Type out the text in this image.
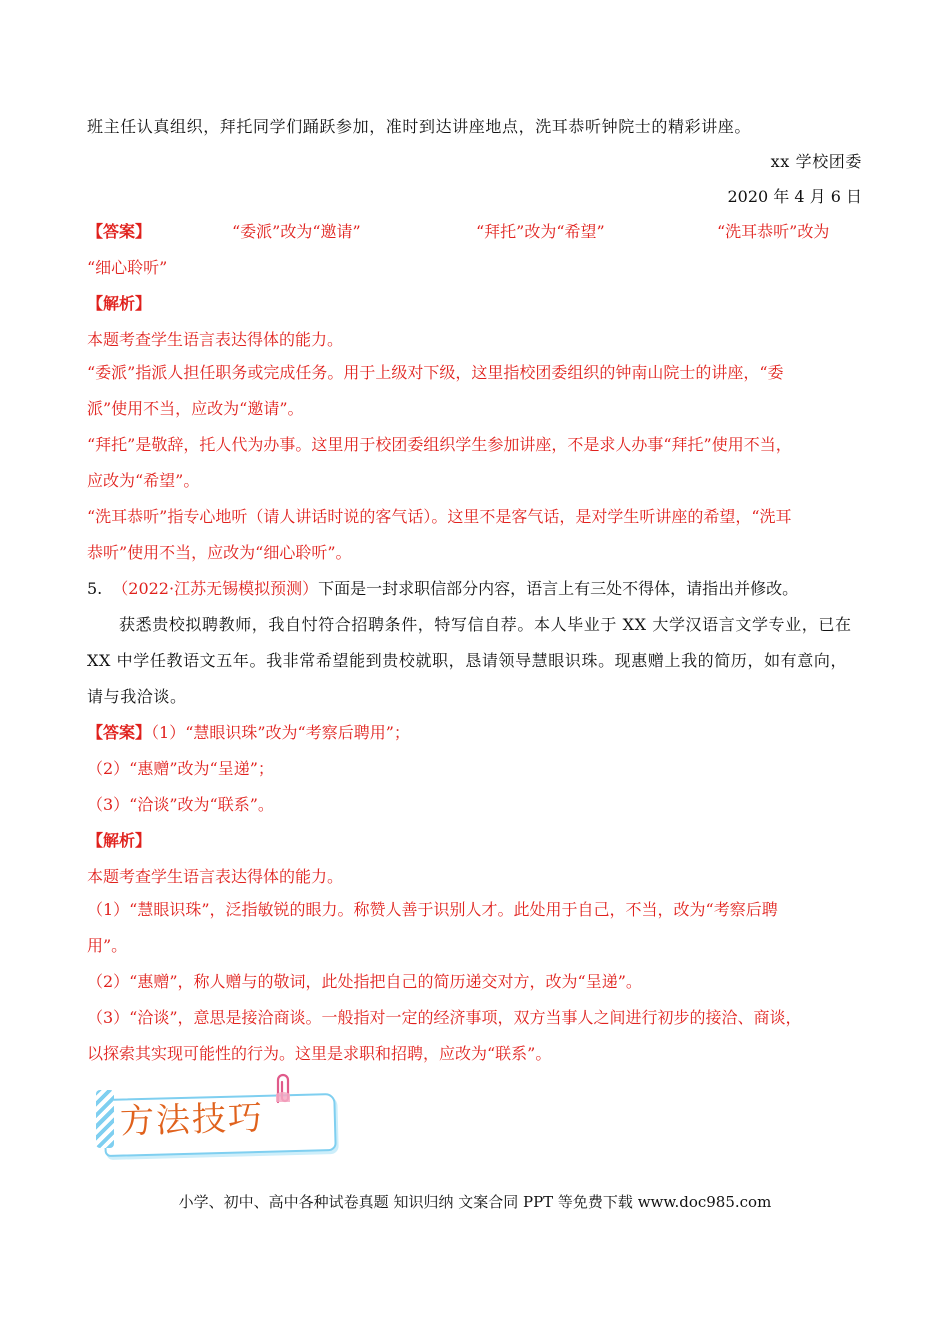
班主任认真组织，拜托同学们踊跃参加，准时到达讲座地点，洗耳恭听钟院士的精彩讲座。
xx 学校团委
2020 年 4 月 6 日
【答案】	“委派”改为“邀请”	“拜托”改为“希望”	“洗耳恭听”改为
“细心聆听”
【解析】
本题考查学生语言表达得体的能力。
“委派”指派人担任职务或完成任务。用于上级对下级，这里指校团委组织的钟南山院士的讲座，“委
派”使用不当，应改为“邀请”。
“拜托”是敬辞，托人代为办事。这里用于校团委组织学生参加讲座，不是求人办事“拜托”使用不当，
应改为“希望”。
“洗耳恭听”指专心地听（请人讲话时说的客气话）。这里不是客气话，是对学生听讲座的希望，“洗耳
恭听”使用不当，应改为“细心聆听”。
5. （2022·江苏无锡模拟预测）下面是一封求职信部分内容，语言上有三处不得体，请指出并修改。
获悉贵校拟聘教师，我自忖符合招聘条件，特写信自荐。本人毕业于 XX 大学汉语言文学专业，已在
XX 中学任教语文五年。我非常希望能到贵校就职，恳请领导慧眼识珠。现惠赠上我的简历，如有意向，
请与我洽谈。
【答案】（1）“慧眼识珠”改为“考察后聘用”；
（2）“惠赠”改为“呈递”；
（3）“洽谈”改为“联系”。
【解析】
本题考查学生语言表达得体的能力。
（1）“慧眼识珠”，泛指敏锐的眼力。称赞人善于识别人才。此处用于自己，不当，改为“考察后聘
用”。
（2）“惠赠”，称人赠与的敬词，此处指把自己的简历递交对方，改为“呈递”。
（3）“洽谈”，意思是接洽商谈。一般指对一定的经济事项，双方当事人之间进行初步的接洽、商谈，
以探索其实现可能性的行为。这里是求职和招聘，应改为“联系”。
方法技巧
小学、初中、高中各种试卷真题 知识归纳 文案合同 PPT 等免费下载 www.doc985.com
